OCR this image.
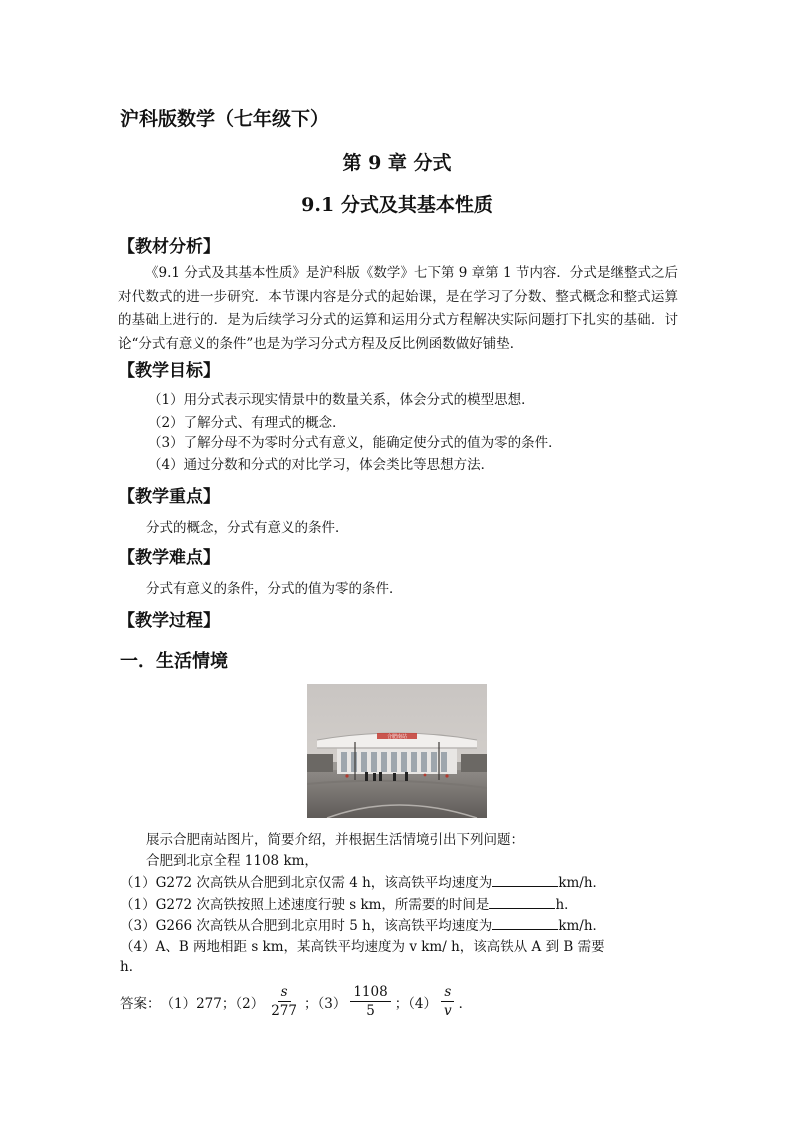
沪科版数学（七年级下）
第 9 章 分式
9.1 分式及其基本性质
【教材分析】
《9.1 分式及其基本性质》是沪科版《数学》七下第 9 章第 1 节内容．分式是继整式之后对代数式的进一步研究．本节课内容是分式的起始课，是在学习了分数、整式概念和整式运算的基础上进行的．是为后续学习分式的运算和运用分式方程解决实际问题打下扎实的基础．讨论“分式有意义的条件”也是为学习分式方程及反比例函数做好铺垫．
【教学目标】
（1）用分式表示现实情景中的数量关系，体会分式的模型思想．
（2）了解分式、有理式的概念．
（3）了解分母不为零时分式有意义，能确定使分式的值为零的条件．
（4）通过分数和分式的对比学习，体会类比等思想方法．
【教学重点】
分式的概念，分式有意义的条件．
【教学难点】
分式有意义的条件，分式的值为零的条件．
【教学过程】
一．生活情境
合肥南站
展示合肥南站图片，简要介绍，并根据生活情境引出下列问题：
合肥到北京全程 1108 km，
（1）G272 次高铁从合肥到北京仅需 4 h，该高铁平均速度为	km/h．
（1）G272 次高铁按照上述速度行驶 s km，所需要的时间是	h．
（3）G266 次高铁从合肥到北京用时 5 h，该高铁平均速度为	km/h．
（4）A、B 两地相距 s km，某高铁平均速度为 v km/ h，该高铁从 A 到 B 需要
h．
答案： （1）277；$(2) \frac{s}{277}$ ；$(3) \frac{1108}{5}$ ；$(4) \frac{s}{v}$ ．
